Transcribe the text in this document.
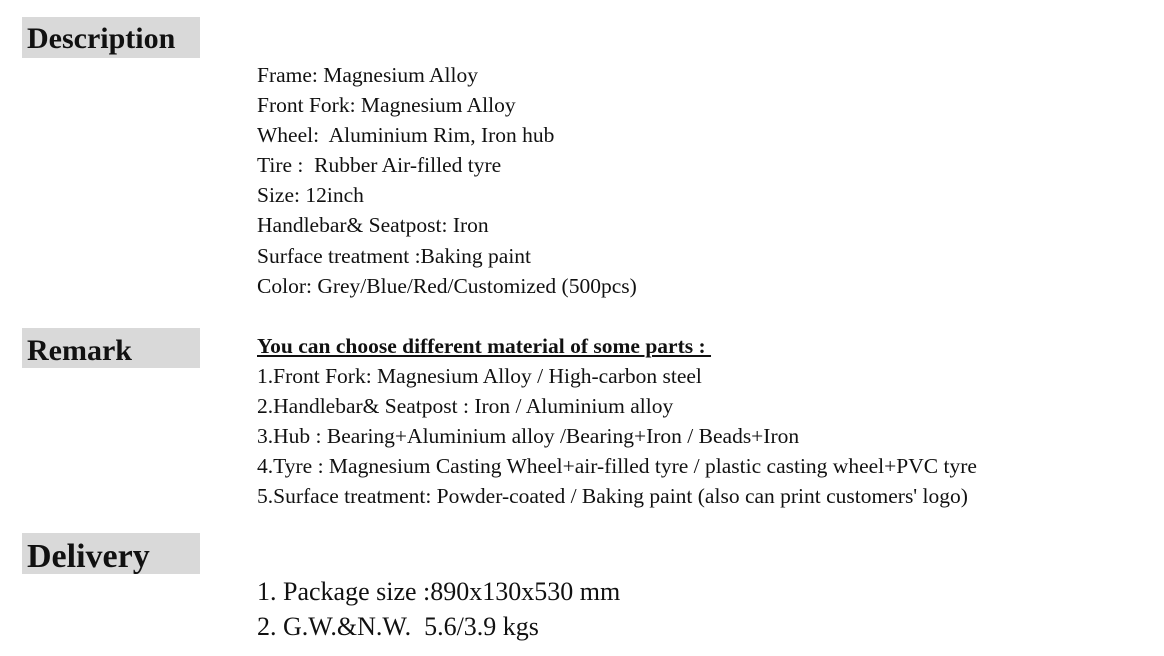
Description
Frame: Magnesium Alloy
Front Fork: Magnesium Alloy
Wheel:  Aluminium Rim, Iron hub
Tire :  Rubber Air-filled tyre
Size: 12inch
Handlebar& Seatpost: Iron
Surface treatment :Baking paint
Color: Grey/Blue/Red/Customized (500pcs)
Remark	You can choose different material of some parts :
1.Front Fork: Magnesium Alloy / High-carbon steel
2.Handlebar& Seatpost : Iron / Aluminium alloy
3.Hub : Bearing+Aluminium alloy /Bearing+Iron / Beads+Iron
4.Tyre : Magnesium Casting Wheel+air-filled tyre / plastic casting wheel+PVC tyre
5.Surface treatment: Powder-coated / Baking paint (also can print customers' logo)
Delivery
1. Package size :890x130x530 mm
2. G.W.&N.W.  5.6/3.9 kgs
